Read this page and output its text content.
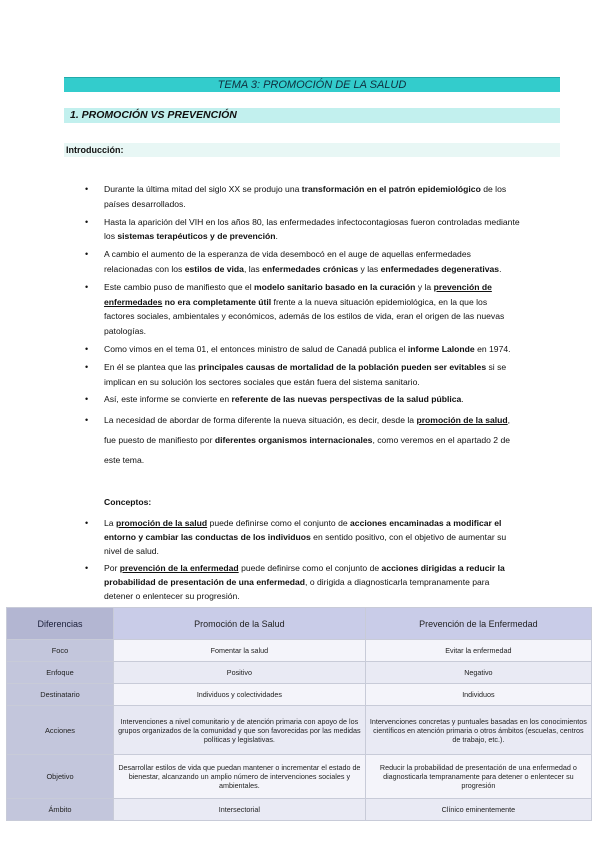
TEMA 3: PROMOCIÓN DE LA SALUD
1. PROMOCIÓN VS PREVENCIÓN
Introducción:
• Durante la última mitad del siglo XX se produjo una transformación en el patrón epidemiológico de los países desarrollados.
• Hasta la aparición del VIH en los años 80, las enfermedades infectocontagiosas fueron controladas mediante los sistemas terapéuticos y de prevención.
• A cambio el aumento de la esperanza de vida desembocó en el auge de aquellas enfermedades relacionadas con los estilos de vida, las enfermedades crónicas y las enfermedades degenerativas.
• Este cambio puso de manifiesto que el modelo sanitario basado en la curación y la prevención de enfermedades no era completamente útil frente a la nueva situación epidemiológica, en la que los factores sociales, ambientales y económicos, además de los estilos de vida, eran el origen de las nuevas patologías.
• Como vimos en el tema 01, el entonces ministro de salud de Canadá publica el informe Lalonde en 1974.
• En él se plantea que las principales causas de mortalidad de la población pueden ser evitables si se implican en su solución los sectores sociales que están fuera del sistema sanitario.
• Así, este informe se convierte en referente de las nuevas perspectivas de la salud pública.
• La necesidad de abordar de forma diferente la nueva situación, es decir, desde la promoción de la salud, fue puesto de manifiesto por diferentes organismos internacionales, como veremos en el apartado 2 de este tema.
Conceptos:
• La promoción de la salud puede definirse como el conjunto de acciones encaminadas a modificar el entorno y cambiar las conductas de los individuos en sentido positivo, con el objetivo de aumentar su nivel de salud.
• Por prevención de la enfermedad puede definirse como el conjunto de acciones dirigidas a reducir la probabilidad de presentación de una enfermedad, o dirigida a diagnosticarla tempranamente para detener o enlentecer su progresión.
Diferencias	Promoción de la Salud	Prevención de la Enfermedad
Foco	Fomentar la salud	Evitar la enfermedad
Enfoque	Positivo	Negativo
Destinatario	Individuos y colectividades	Individuos
Acciones	Intervenciones a nivel comunitario y de atención primaria con apoyo de los grupos organizados de la comunidad y que son favorecidas por las medidas políticas y legislativas.	Intervenciones concretas y puntuales basadas en los conocimientos científicos en atención primaria o otros ámbitos (escuelas, centros de trabajo, etc.).
Objetivo	Desarrollar estilos de vida que puedan mantener o incrementar el estado de bienestar, alcanzando un amplio número de intervenciones sociales y ambientales.	Reducir la probabilidad de presentación de una enfermedad o diagnosticarla tempranamente para detener o enlentecer su progresión
Ámbito	Intersectorial	Clínico eminentemente
